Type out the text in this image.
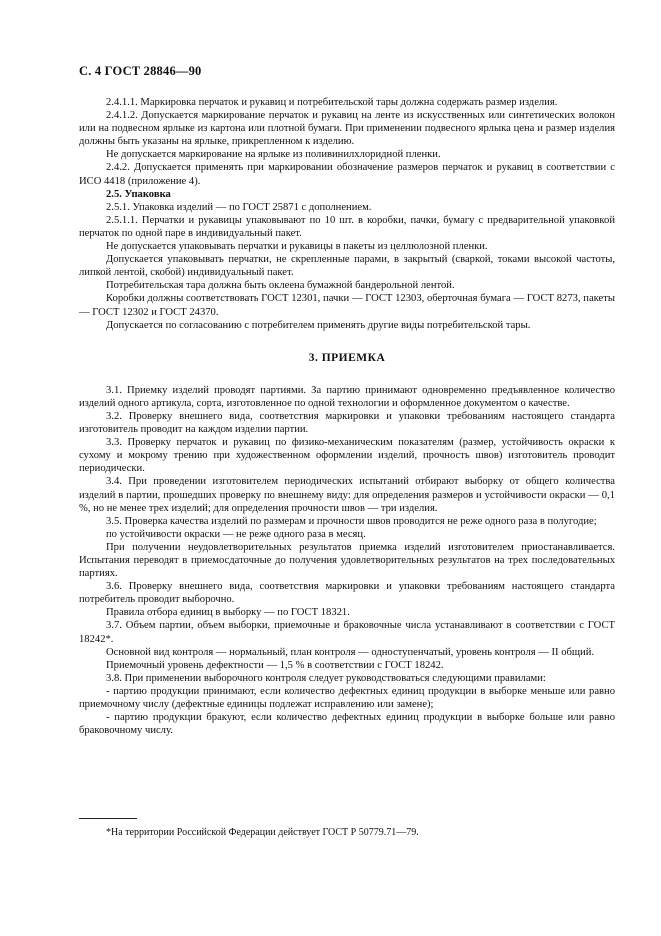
С. 4 ГОСТ 28846—90

2.4.1.1. Маркировка перчаток и рукавиц и потребительской тары должна содержать размер изделия.

2.4.1.2. Допускается маркирование перчаток и рукавиц на ленте из искусственных или синтетических волокон или на подвесном ярлыке из картона или плотной бумаги. При применении подвесного ярлыка цена и размер изделия должны быть указаны на ярлыке, прикрепленном к изделию.

Не допускается маркирование на ярлыке из поливинилхлоридной пленки.

2.4.2. Допускается применять при маркировании обозначение размеров перчаток и рукавиц в соответствии с ИСО 4418 (приложение 4).

2.5. Упаковка

2.5.1. Упаковка изделий — по ГОСТ 25871 с дополнением.

2.5.1.1. Перчатки и рукавицы упаковывают по 10 шт. в коробки, пачки, бумагу с предварительной упаковкой перчаток по одной паре в индивидуальный пакет.

Не допускается упаковывать перчатки и рукавицы в пакеты из целлюлозной пленки.

Допускается упаковывать перчатки, не скрепленные парами, в закрытый (сваркой, токами высокой частоты, липкой лентой, скобой) индивидуальный пакет.

Потребительская тара должна быть оклеена бумажной бандерольной лентой.

Коробки должны соответствовать ГОСТ 12301, пачки — ГОСТ 12303, оберточная бумага — ГОСТ 8273, пакеты — ГОСТ 12302 и ГОСТ 24370.

Допускается по согласованию с потребителем применять другие виды потребительской тары.

3. ПРИЕМКА

3.1. Приемку изделий проводят партиями. За партию принимают одновременно предъявленное количество изделий одного артикула, сорта, изготовленное по одной технологии и оформленное документом о качестве.

3.2. Проверку внешнего вида, соответствия маркировки и упаковки требованиям настоящего стандарта изготовитель проводит на каждом изделии партии.

3.3. Проверку перчаток и рукавиц по физико-механическим показателям (размер, устойчивость окраски к сухому и мокрому трению при художественном оформлении изделий, прочность швов) изготовитель проводит периодически.

3.4. При проведении изготовителем периодических испытаний отбирают выборку от общего количества изделий в партии, прошедших проверку по внешнему виду: для определения размеров и устойчивости окраски — 0,1 %, но не менее трех изделий; для определения прочности швов — три изделия.

3.5. Проверка качества изделий по размерам и прочности швов проводится не реже одного раза в полугодие;

по устойчивости окраски — не реже одного раза в месяц.

При получении неудовлетворительных результатов приемка изделий изготовителем приостанавливается. Испытания переводят в приемосдаточные до получения удовлетворительных результатов на трех последовательных партиях.

3.6. Проверку внешнего вида, соответствия маркировки и упаковки требованиям настоящего стандарта потребитель проводит выборочно.

Правила отбора единиц в выборку — по ГОСТ 18321.

3.7. Объем партии, объем выборки, приемочные и браковочные числа устанавливают в соответствии с ГОСТ 18242*.

Основной вид контроля — нормальный, план контроля — одноступенчатый, уровень контроля — II общий.

Приемочный уровень дефектности — 1,5 % в соответствии с ГОСТ 18242.

3.8. При применении выборочного контроля следует руководствоваться следующими правилами:

- партию продукции принимают, если количество дефектных единиц продукции в выборке меньше или равно приемочному числу (дефектные единицы подлежат исправлению или замене);

- партию продукции бракуют, если количество дефектных единиц продукции в выборке больше или равно браковочному числу.

*На территории Российской Федерации действует ГОСТ Р 50779.71—79.
